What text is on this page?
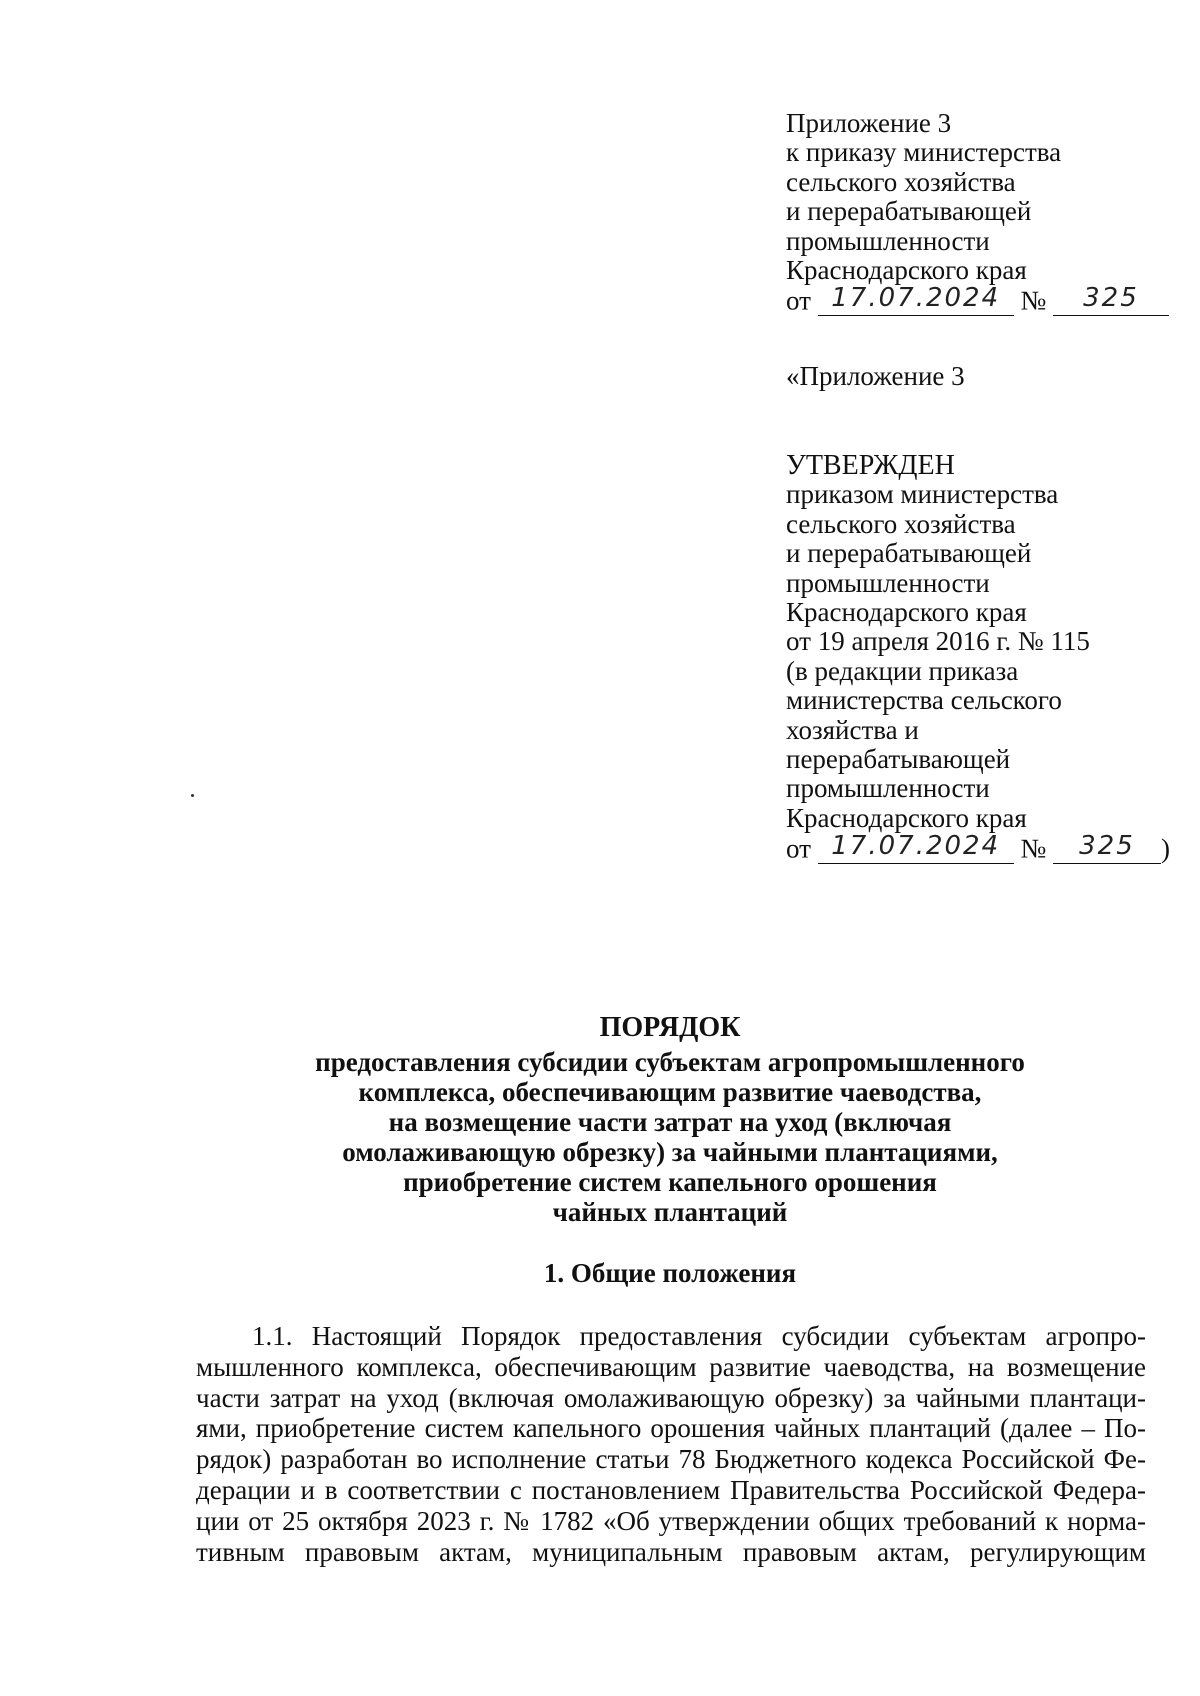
Приложение 3
к приказу министерства
сельского хозяйства
и перерабатывающей
промышленности
Краснодарского края
от 17.07.2024 №	325
«Приложение 3
УТВЕРЖДЕН
приказом министерства
сельского хозяйства
и перерабатывающей
промышленности
Краснодарского края
от 19 апреля 2016 г. № 115
(в редакции приказа
министерства сельского
хозяйства и
перерабатывающей
промышленности
Краснодарского края
от 17.07.2024 №	325 )
ПОРЯДОК
предоставления субсидии субъектам агропромышленного
комплекса, обеспечивающим развитие чаеводства,
на возмещение части затрат на уход (включая
омолаживающую обрезку) за чайными плантациями,
приобретение систем капельного орошения
чайных плантаций
1. Общие положения
1.1. Настоящий Порядок предоставления субсидии субъектам агропро-
мышленного комплекса, обеспечивающим развитие чаеводства, на возмещение
части затрат на уход (включая омолаживающую обрезку) за чайными плантаци-
ями, приобретение систем капельного орошения чайных плантаций (далее – По-
рядок) разработан во исполнение статьи 78 Бюджетного кодекса Российской Фе-
дерации и в соответствии с постановлением Правительства Российской Федера-
ции от 25 октября 2023 г. № 1782 «Об утверждении общих требований к норма-
тивным правовым актам, муниципальным правовым актам, регулирующим
